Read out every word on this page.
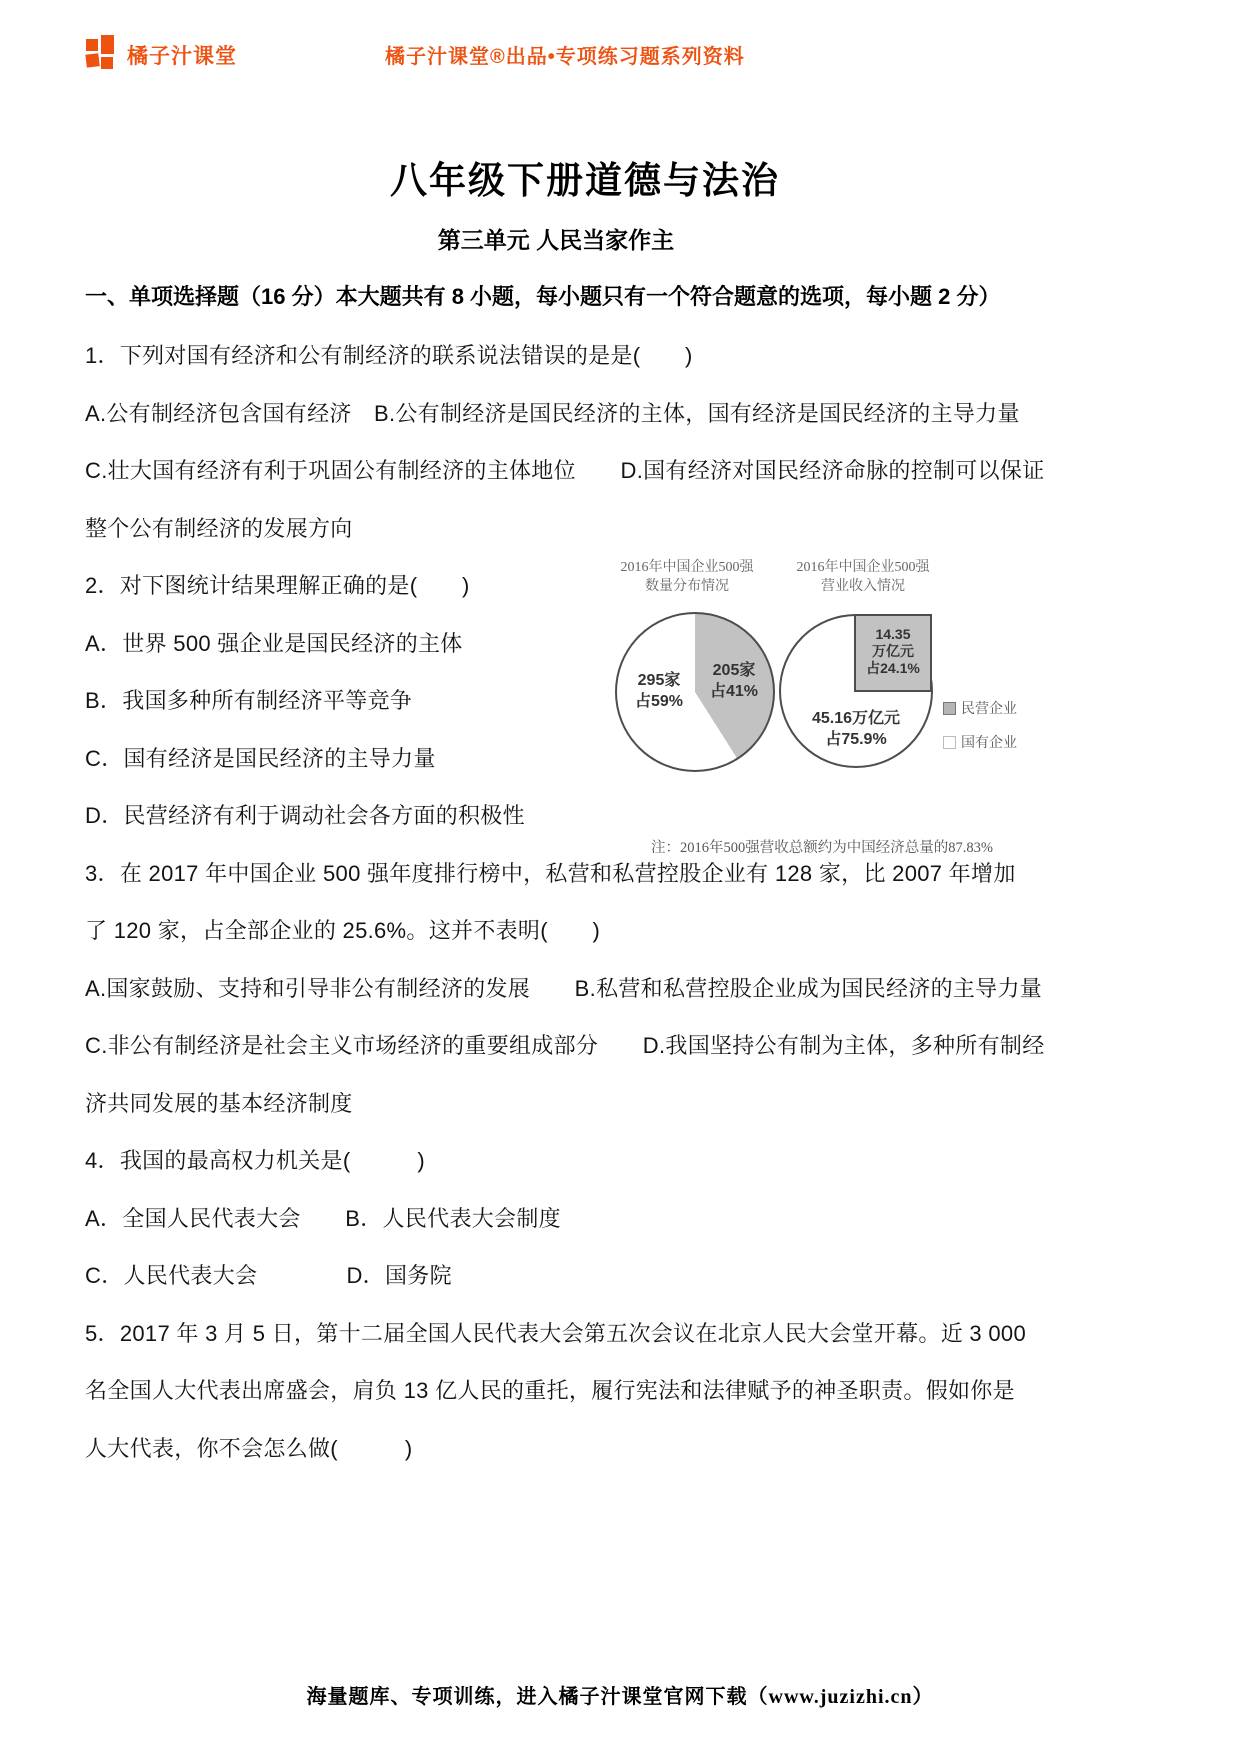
橘子汁课堂	橘子汁课堂®出品•专项练习题系列资料
八年级下册道德与法治
第三单元 人民当家作主
一、单项选择题（16 分）本大题共有 8 小题，每小题只有一个符合题意的选项，每小题 2 分）
1．下列对国有经济和公有制经济的联系说法错误的是是(　　)
A.公有制经济包含国有经济　B.公有制经济是国民经济的主体，国有经济是国民经济的主导力量
C.壮大国有经济有利于巩固公有制经济的主体地位　　D.国有经济对国民经济命脉的控制可以保证
整个公有制经济的发展方向
2．对下图统计结果理解正确的是(　　)
A．世界 500 强企业是国民经济的主体
B．我国多种所有制经济平等竞争
C．国有经济是国民经济的主导力量
D．民营经济有利于调动社会各方面的积极性
3．在 2017 年中国企业 500 强年度排行榜中，私营和私营控股企业有 128 家，比 2007 年增加
了 120 家，占全部企业的 25.6%。这并不表明(　　)
A.国家鼓励、支持和引导非公有制经济的发展　　B.私营和私营控股企业成为国民经济的主导力量
C.非公有制经济是社会主义市场经济的重要组成部分　　D.我国坚持公有制为主体，多种所有制经
济共同发展的基本经济制度
4．我国的最高权力机关是(　　　)
A．全国人民代表大会　　B．人民代表大会制度
C．人民代表大会　　　　D．国务院
5．2017 年 3 月 5 日，第十二届全国人民代表大会第五次会议在北京人民大会堂开幕。近 3 000
名全国人大代表出席盛会，肩负 13 亿人民的重托，履行宪法和法律赋予的神圣职责。假如你是
人大代表，你不会怎么做(　　　)
2016年中国企业500强
数量分布情况
2016年中国企业500强
营业收入情况
295家
占59%
205家
占41%
14.35
万亿元
占24.1%
45.16万亿元
占75.9%
民营企业
国有企业
注：2016年500强营收总额约为中国经济总量的87.83%
海量题库、专项训练，进入橘子汁课堂官网下载（www.juzizhi.cn）
